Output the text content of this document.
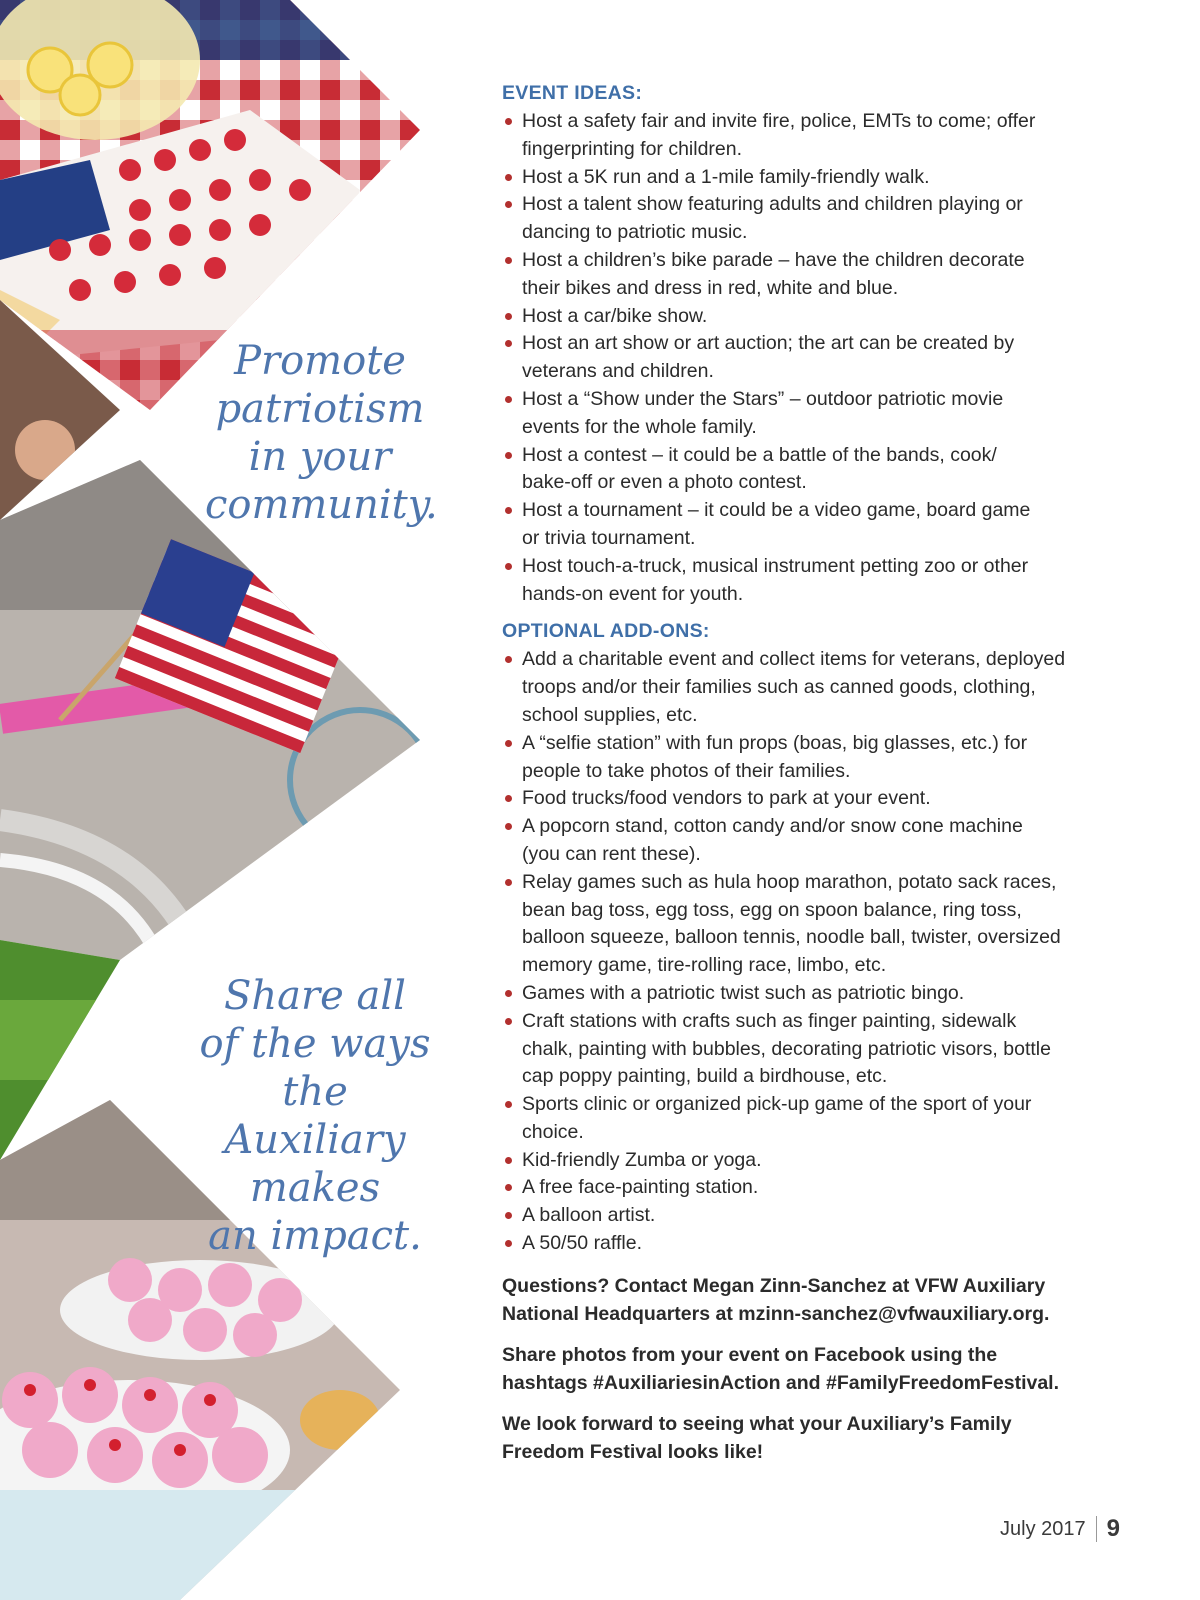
Promote
patriotism
in your
community.
Share all
of the ways the
Auxiliary makes
an impact.
EVENT IDEAS:
Host a safety fair and invite fire, police, EMTs to come; offer
fingerprinting for children.
Host a 5K run and a 1-mile family-friendly walk.
Host a talent show featuring adults and children playing or
dancing to patriotic music.
Host a children’s bike parade – have the children decorate
their bikes and dress in red, white and blue.
Host a car/bike show.
Host an art show or art auction; the art can be created by
veterans and children.
Host a “Show under the Stars” – outdoor patriotic movie
events for the whole family.
Host a contest – it could be a battle of the bands, cook/
bake-off or even a photo contest.
Host a tournament – it could be a video game, board game
or trivia tournament.
Host touch-a-truck, musical instrument petting zoo or other
hands-on event for youth.
OPTIONAL ADD-ONS:
Add a charitable event and collect items for veterans, deployed
troops and/or their families such as canned goods, clothing,
school supplies, etc.
A “selfie station” with fun props (boas, big glasses, etc.) for
people to take photos of their families.
Food trucks/food vendors to park at your event.
A popcorn stand, cotton candy and/or snow cone machine
(you can rent these).
Relay games such as hula hoop marathon, potato sack races,
bean bag toss, egg toss, egg on spoon balance, ring toss,
balloon squeeze, balloon tennis, noodle ball, twister, oversized
memory game, tire-rolling race, limbo, etc.
Games with a patriotic twist such as patriotic bingo.
Craft stations with crafts such as finger painting, sidewalk
chalk, painting with bubbles, decorating patriotic visors, bottle
cap poppy painting, build a birdhouse, etc.
Sports clinic or organized pick-up game of the sport of your
choice.
Kid-friendly Zumba or yoga.
A free face-painting station.
A balloon artist.
A 50/50 raffle.
Questions? Contact Megan Zinn-Sanchez at VFW Auxiliary
National Headquarters at mzinn-sanchez@vfwauxiliary.org.
Share photos from your event on Facebook using the
hashtags #AuxiliariesinAction and #FamilyFreedomFestival.
We look forward to seeing what your Auxiliary’s Family
Freedom Festival looks like!
July 2017 9
